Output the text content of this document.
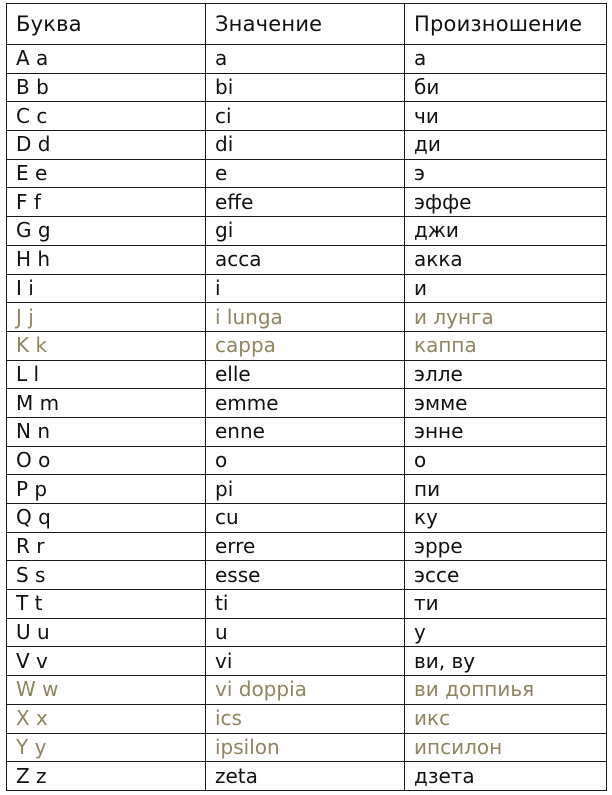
Буква	Значение	Произношение
A a	a	а
B b	bi	би
C c	ci	чи
D d	di	ди
E e	e	э
F f	effe	эффе
G g	gi	джи
H h	acca	акка
I i	i	и
J j	i lunga	и лунга
K k	cappa	каппа
L l	elle	элле
M m	emme	эмме
N n	enne	энне
O o	o	о
P p	pi	пи
Q q	cu	ку
R r	erre	эрре
S s	esse	эссе
T t	ti	ти
U u	u	у
V v	vi	ви, ву
W w	vi doppia	ви доппиья
X x	ics	икс
Y y	ipsilon	ипсилон
Z z	zeta	дзета
